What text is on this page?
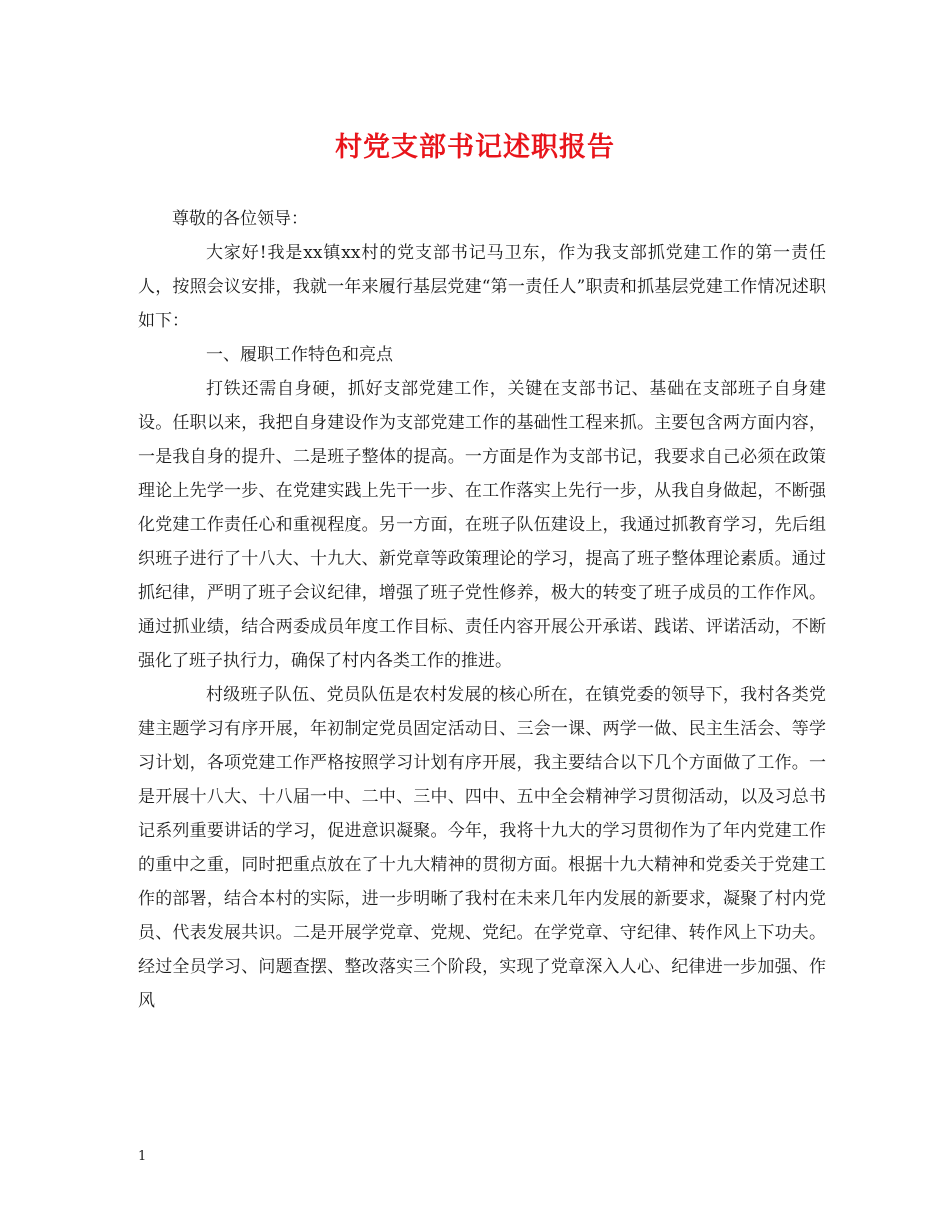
村党支部书记述职报告

尊敬的各位领导：

大家好!我是xx镇xx村的党支部书记马卫东，作为我支部抓党建工作的第一责任人，按照会议安排，我就一年来履行基层党建“第一责任人”职责和抓基层党建工作情况述职如下：

一、履职工作特色和亮点

打铁还需自身硬，抓好支部党建工作，关键在支部书记、基础在支部班子自身建设。任职以来，我把自身建设作为支部党建工作的基础性工程来抓。主要包含两方面内容，一是我自身的提升、二是班子整体的提高。一方面是作为支部书记，我要求自己必须在政策理论上先学一步、在党建实践上先干一步、在工作落实上先行一步，从我自身做起，不断强化党建工作责任心和重视程度。另一方面，在班子队伍建设上，我通过抓教育学习，先后组织班子进行了十八大、十九大、新党章等政策理论的学习，提高了班子整体理论素质。通过抓纪律，严明了班子会议纪律，增强了班子党性修养，极大的转变了班子成员的工作作风。通过抓业绩，结合两委成员年度工作目标、责任内容开展公开承诺、践诺、评诺活动，不断强化了班子执行力，确保了村内各类工作的推进。

村级班子队伍、党员队伍是农村发展的核心所在，在镇党委的领导下，我村各类党建主题学习有序开展，年初制定党员固定活动日、三会一课、两学一做、民主生活会、等学习计划，各项党建工作严格按照学习计划有序开展，我主要结合以下几个方面做了工作。一是开展十八大、十八届一中、二中、三中、四中、五中全会精神学习贯彻活动，以及习总书记系列重要讲话的学习，促进意识凝聚。今年，我将十九大的学习贯彻作为了年内党建工作的重中之重，同时把重点放在了十九大精神的贯彻方面。根据十九大精神和党委关于党建工作的部署，结合本村的实际，进一步明晰了我村在未来几年内发展的新要求，凝聚了村内党员、代表发展共识。二是开展学党章、党规、党纪。在学党章、守纪律、转作风上下功夫。经过全员学习、问题查摆、整改落实三个阶段，实现了党章深入人心、纪律进一步加强、作风

1
